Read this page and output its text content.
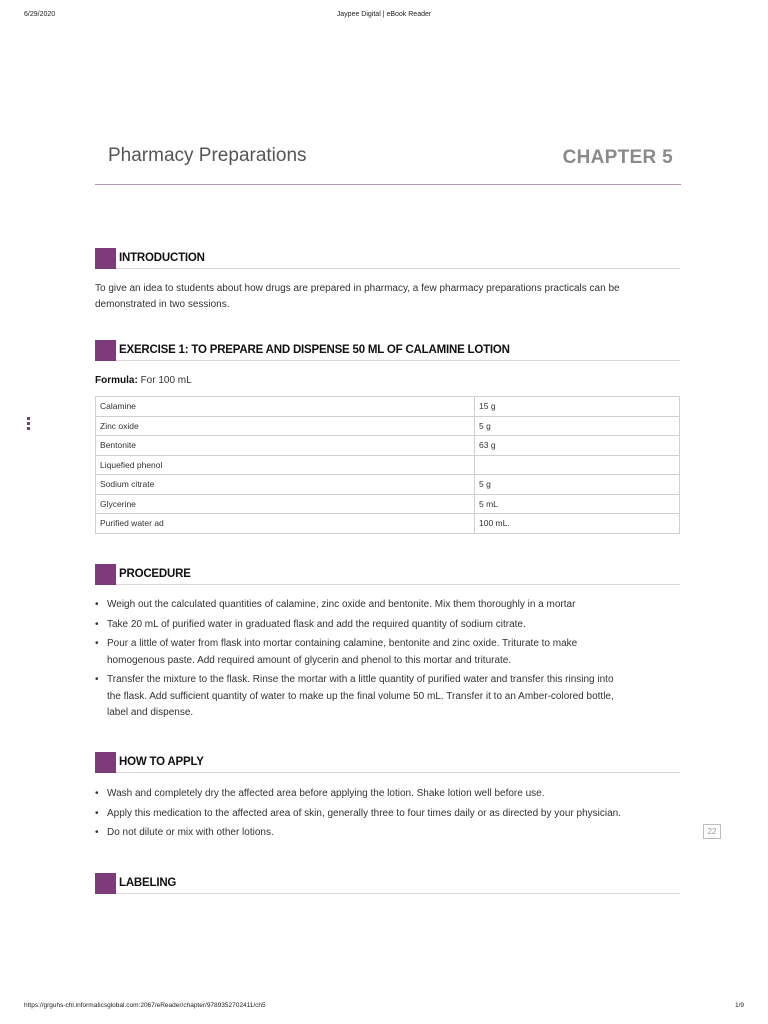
6/29/2020	Jaypee Digital | eBook Reader
Pharmacy Preparations	CHAPTER 5
INTRODUCTION
To give an idea to students about how drugs are prepared in pharmacy, a few pharmacy preparations practicals can be
demonstrated in two sessions.
EXERCISE 1: TO PREPARE AND DISPENSE 50 ML OF CALAMINE LOTION
Formula: For 100 mL
Calamine	15 g
Zinc oxide	5 g
Bentonite	63 g
Liquefied phenol	
Sodium citrate	5 g
Glycerine	5 mL
Purified water ad	100 mL.
PROCEDURE
• Weigh out the calculated quantities of calamine, zinc oxide and bentonite. Mix them thoroughly in a mortar
• Take 20 mL of purified water in graduated flask and add the required quantity of sodium citrate.
• Pour a little of water from flask into mortar containing calamine, bentonite and zinc oxide. Triturate to make
homogenous paste. Add required amount of glycerin and phenol to this mortar and triturate.
• Transfer the mixture to the flask. Rinse the mortar with a little quantity of purified water and transfer this rinsing into
the flask. Add sufficient quantity of water to make up the final volume 50 mL. Transfer it to an Amber-colored bottle,
label and dispense.
HOW TO APPLY
• Wash and completely dry the affected area before applying the lotion. Shake lotion well before use.
• Apply this medication to the affected area of skin, generally three to four times daily or as directed by your physician.
• Do not dilute or mix with other lotions.	22
LABELING
https://grguhs-chl.informaticsglobal.com:2067/eReader/chapter/9789352702411/ch5	1/9
